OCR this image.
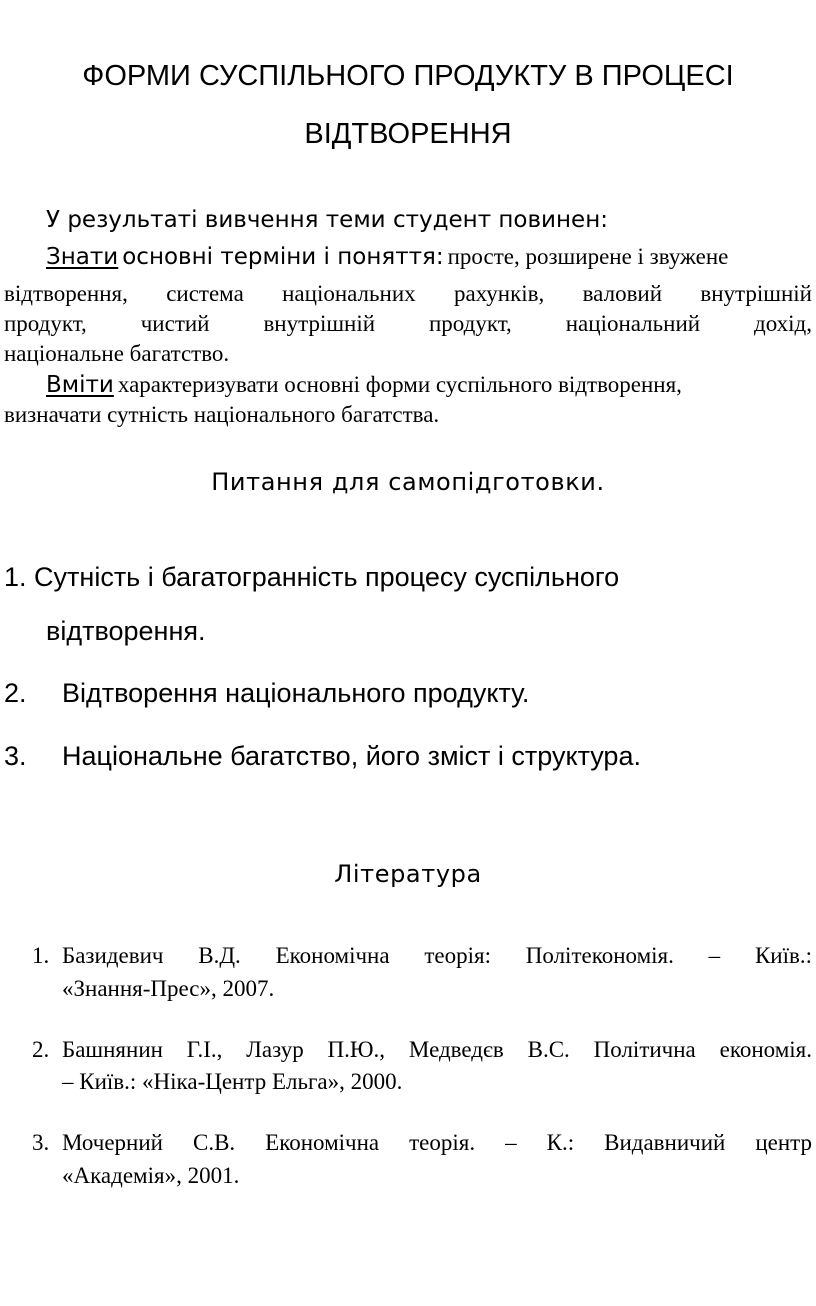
ФОРМИ СУСПІЛЬНОГО ПРОДУКТУ В ПРОЦЕСІ
ВІДТВОРЕННЯ
У результаті вивчення теми студент повинен:
Знати основні терміни і поняття: просте, розширене і звужене
відтворення, система національних рахунків, валовий внутрішній
продукт, чистий внутрішній продукт, національний дохід,
національне багатство.
Вміти характеризувати основні форми суспільного відтворення,
визначати сутність національного багатства.
Питання для самопідготовки.
1. Сутність і багатогранність процесу суспільного
відтворення.
2. Відтворення національного продукту.
3. Національне багатство, його зміст і структура.
Література
1. Базидевич В.Д. Економічна теорія: Політекономія. – Київ.:
«Знання-Прес», 2007.
2. Башнянин Г.І., Лазур П.Ю., Медведєв В.С. Політична економія.
– Київ.: «Ніка-Центр Ельга», 2000.
3. Мочерний С.В. Економічна теорія. – К.: Видавничий центр
«Академія», 2001.
